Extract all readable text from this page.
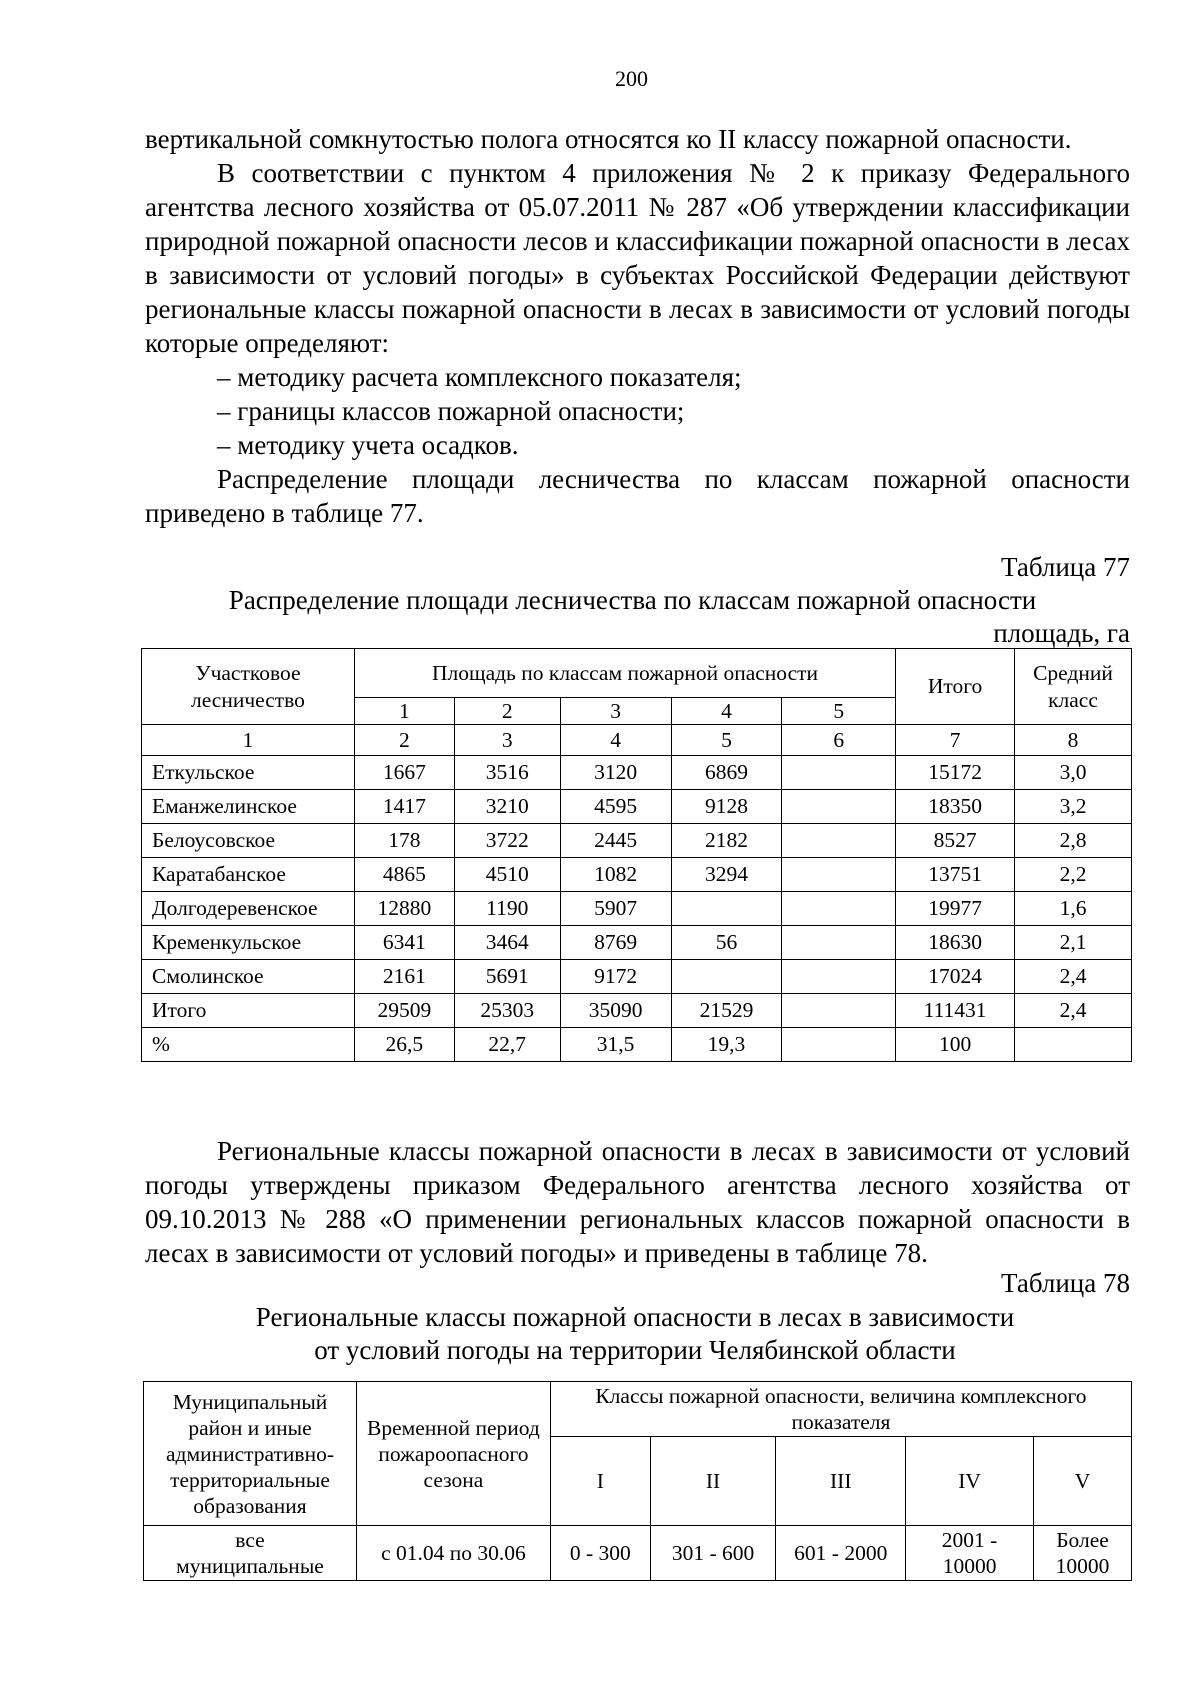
200

вертикальной сомкнутостью полога относятся ко II классу пожарной опасности.

В соответствии с пунктом 4 приложения № 2 к приказу Федерального агентства лесного хозяйства от 05.07.2011 № 287 «Об утверждении классификации природной пожарной опасности лесов и классификации пожарной опасности в лесах в зависимости от условий погоды» в субъектах Российской Федерации действуют региональные классы пожарной опасности в лесах в зависимости от условий погоды которые определяют:

– методику расчета комплексного показателя;

– границы классов пожарной опасности;

– методику учета осадков.

Распределение площади лесничества по классам пожарной опасности приведено в таблице 77.

Таблица 77
Распределение площади лесничества по классам пожарной опасности
площадь, га
Участковое лесничество	Площадь по классам пожарной опасности					Итого	Средний класс
	1	2	3	4	5		
1	2	3	4	5	6	7	8
Еткульское	1667	3516	3120	6869		15172	3,0
Еманжелинское	1417	3210	4595	9128		18350	3,2
Белоусовское	178	3722	2445	2182		8527	2,8
Каратабанское	4865	4510	1082	3294		13751	2,2
Долгодеревенское	12880	1190	5907			19977	1,6
Кременкульское	6341	3464	8769	56		18630	2,1
Смолинское	2161	5691	9172			17024	2,4
Итого	29509	25303	35090	21529		111431	2,4
%	26,5	22,7	31,5	19,3		100	

Региональные классы пожарной опасности в лесах в зависимости от условий погоды утверждены приказом Федерального агентства лесного хозяйства от 09.10.2013 № 288 «О применении региональных классов пожарной опасности в лесах в зависимости от условий погоды» и приведены в таблице 78.

Таблица 78
Региональные классы пожарной опасности в лесах в зависимости
от условий погоды на территории Челябинской области
Муниципальный район и иные административно-территориальные образования	Временной период пожароопасного сезона	Классы пожарной опасности, величина комплексного показателя				
		I	II	III	IV	V
все муниципальные	с 01.04 по 30.06	0 - 300	301 - 600	601 - 2000	2001 - 10000	Более 10000
